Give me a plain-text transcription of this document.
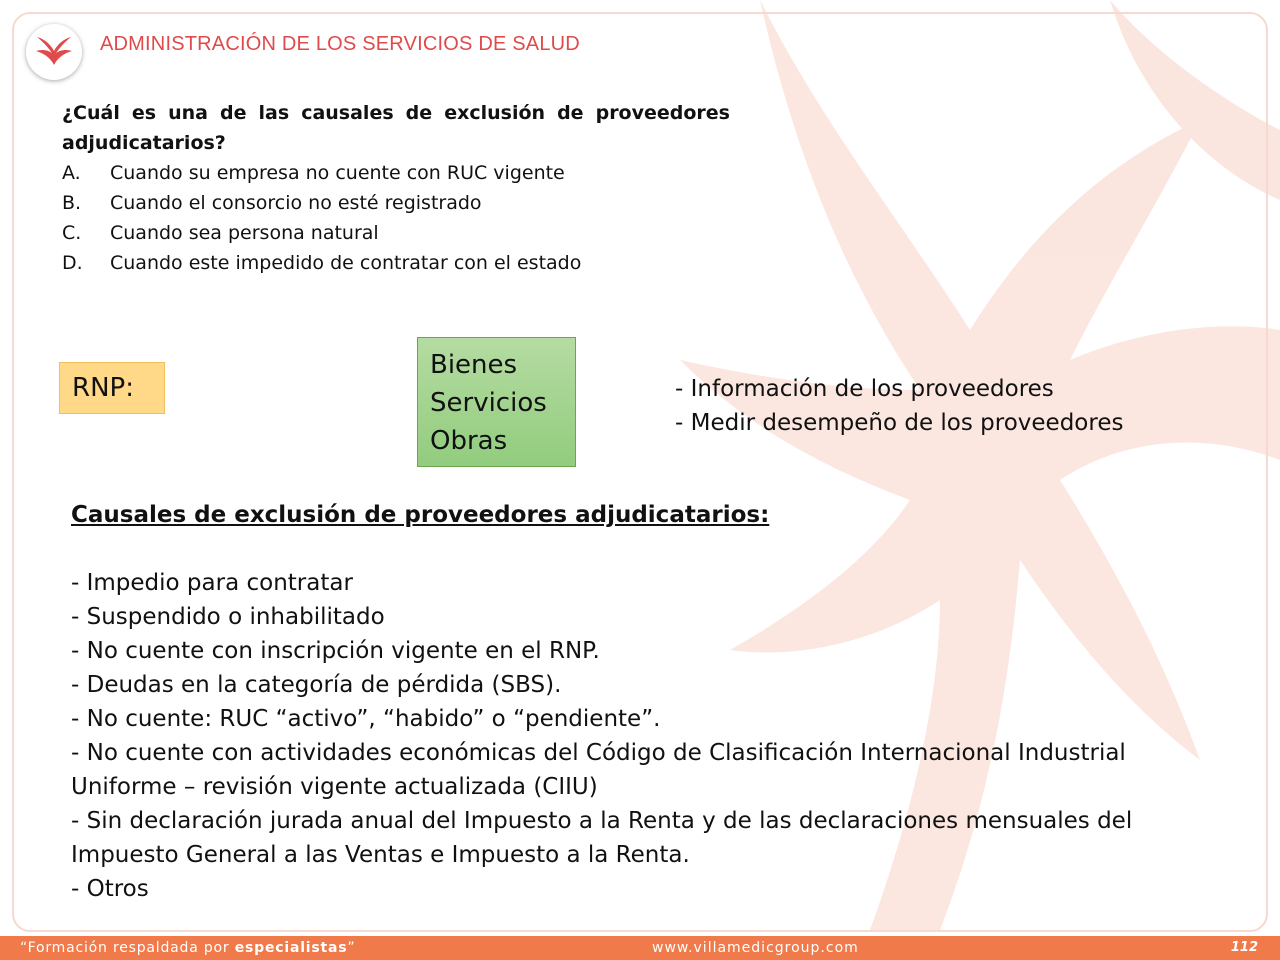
ADMINISTRACIÓN DE LOS SERVICIOS DE SALUD

¿Cuál es una de las causales de exclusión de proveedores adjudicatarios?

A.	Cuando su empresa no cuente con RUC vigente
B.	Cuando el consorcio no esté registrado
C.	Cuando sea persona natural
D.	Cuando este impedido de contratar con el estado
RNP:
Bienes
Servicios
Obras
- Información de los proveedores
- Medir desempeño de los proveedores
Causales de exclusión de proveedores adjudicatarios:
- Impedio para contratar
- Suspendido o inhabilitado
- No cuente con inscripción vigente en el RNP.
- Deudas en la categoría de pérdida (SBS).
- No cuente: RUC “activo”, “habido” o “pendiente”.
- No cuente con actividades económicas del Código de Clasificación Internacional Industrial Uniforme – revisión vigente actualizada (CIIU)
- Sin declaración jurada anual del Impuesto a la Renta y de las declaraciones mensuales del Impuesto General a las Ventas e Impuesto a la Renta.
- Otros
“Formación respaldada por especialistas”	www.villamedicgroup.com	112
